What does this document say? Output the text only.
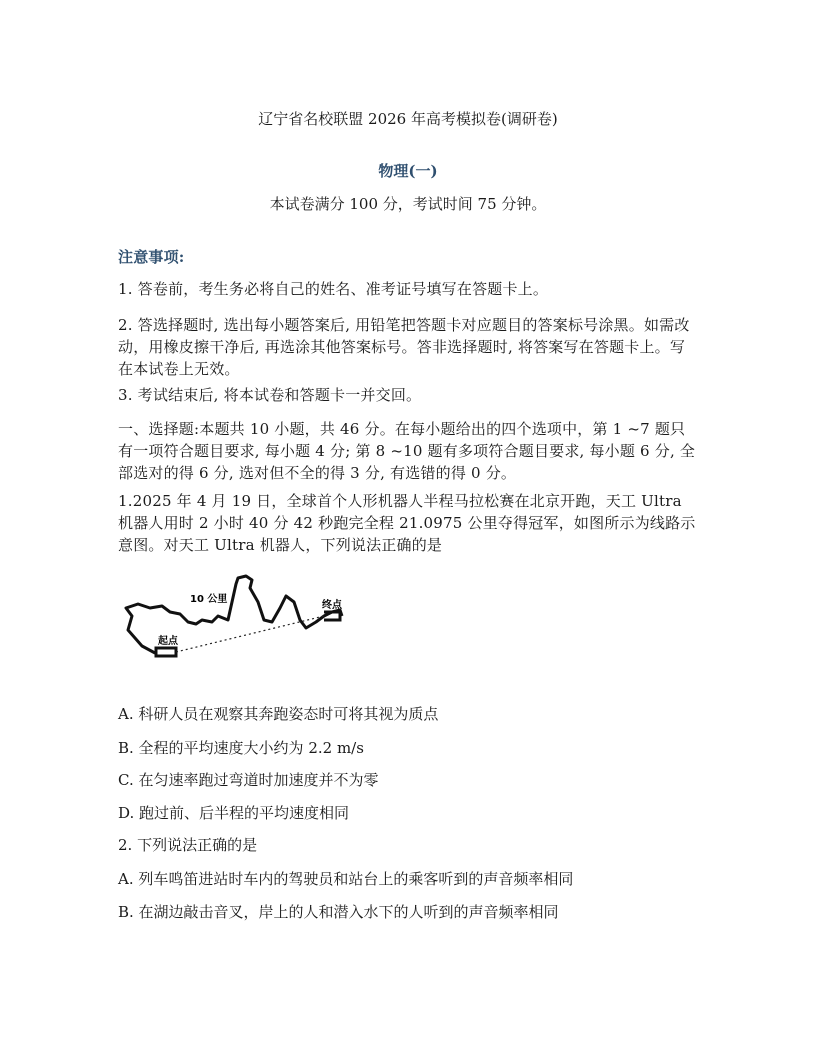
辽宁省名校联盟 2026 年高考模拟卷(调研卷)
物理(一)
本试卷满分 100 分，考试时间 75 分钟。
注意事项:
1. 答卷前，考生务必将自己的姓名、准考证号填写在答题卡上。
2. 答选择题时, 选出每小题答案后, 用铅笔把答题卡对应题目的答案标号涂黑。如需改动，用橡皮擦干净后, 再选涂其他答案标号。答非选择题时, 将答案写在答题卡上。写在本试卷上无效。
3. 考试结束后, 将本试卷和答题卡一并交回。
一、选择题:本题共 10 小题，共 46 分。在每小题给出的四个选项中，第 1 ~7 题只有一项符合题目要求, 每小题 4 分; 第 8 ~10 题有多项符合题目要求, 每小题 6 分, 全部选对的得 6 分, 选对但不全的得 3 分, 有选错的得 0 分。
1.2025 年 4 月 19 日，全球首个人形机器人半程马拉松赛在北京开跑，天工 Ultra 机器人用时 2 小时 40 分 42 秒跑完全程 21.0975 公里夺得冠军，如图所示为线路示意图。对天工 Ultra 机器人，下列说法正确的是
起点
终点
10 公里
A. 科研人员在观察其奔跑姿态时可将其视为质点
B. 全程的平均速度大小约为 2.2 m/s
C. 在匀速率跑过弯道时加速度并不为零
D. 跑过前、后半程的平均速度相同
2. 下列说法正确的是
A. 列车鸣笛进站时车内的驾驶员和站台上的乘客听到的声音频率相同
B. 在湖边敲击音叉，岸上的人和潜入水下的人听到的声音频率相同
